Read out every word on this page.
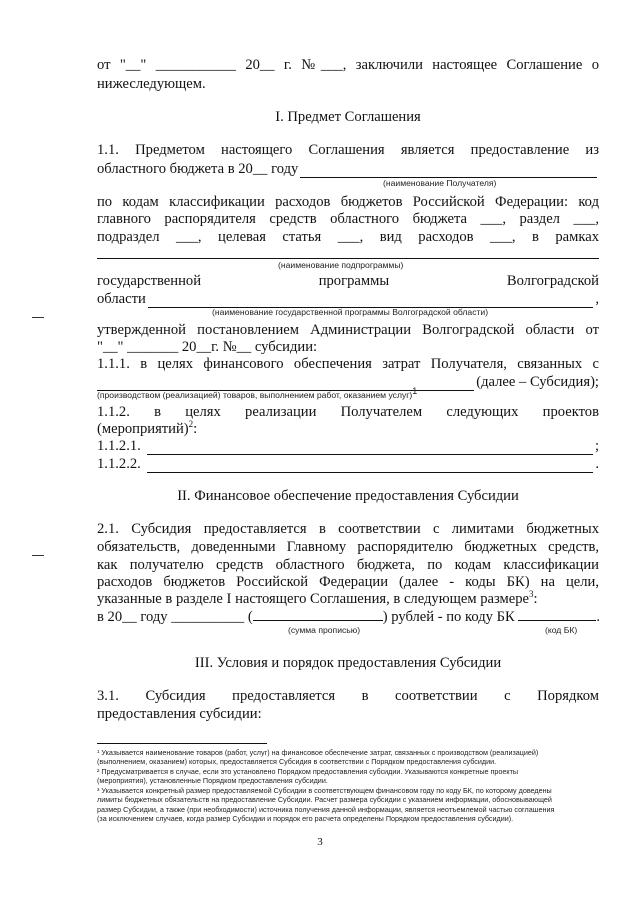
от "__" ___________ 20__ г. №___, заключили настоящее Соглашение о
нижеследующем.
I. Предмет Соглашения
1.1. Предметом настоящего Соглашения является предоставление из
областного бюджета в 20__ году
(наименование Получателя)
по кодам классификации расходов бюджетов Российской Федерации: код
главного распорядителя средств областного бюджета ___, раздел ___,
подраздел ___, целевая статья ___, вид расходов ___, в рамках
(наименование подпрограммы)
государственной программы Волгоградской
области	,
(наименование государственной программы Волгоградской области)
утвержденной постановлением Администрации Волгоградской области от
"__" _______ 20__г. №__ субсидии:
1.1.1. в целях финансового обеспечения затрат Получателя, связанных с
(далее – Субсидия);
(производством (реализацией) товаров, выполнением работ, оказанием услуг)$^1$
1.1.2. в целях реализации Получателем следующих проектов
(мероприятий)$^2$:
1.1.2.1.	;
1.1.2.2.	.
II. Финансовое обеспечение предоставления Субсидии
2.1. Субсидия предоставляется в соответствии с лимитами бюджетных
обязательств, доведенными Главному распорядителю бюджетных средств,
как получателю средств областного бюджета, по кодам классификации
расходов бюджетов Российской Федерации (далее - коды БК) на цели,
указанные в разделе I настоящего Соглашения, в следующем размере$^3$:
в 20__ году __________ (	) рублей - по коду БК	.
(сумма прописью)	(код БК)
III. Условия и порядок предоставления Субсидии
3.1. Субсидия предоставляется в соответствии с Порядком
предоставления субсидии:
¹ Указывается наименование товаров (работ, услуг) на финансовое обеспечение затрат, связанных с производством (реализацией)
(выполнением, оказанием) которых, предоставляется Субсидия в соответствии с Порядком предоставления субсидии.
² Предусматривается в случае, если это установлено Порядком предоставления субсидии. Указываются конкретные проекты
(мероприятия), установленные Порядком предоставления субсидии.
³ Указывается конкретный размер предоставляемой Субсидии в соответствующем финансовом году по коду БК, по которому доведены
лимиты бюджетных обязательств на предоставление Субсидии. Расчет размера субсидии с указанием информации, обосновывающей
размер Субсидии, а также (при необходимости) источника получения данной информации, является неотъемлемой частью соглашения
(за исключением случаев, когда размер Субсидии и порядок его расчета определены Порядком предоставления субсидии).
3
